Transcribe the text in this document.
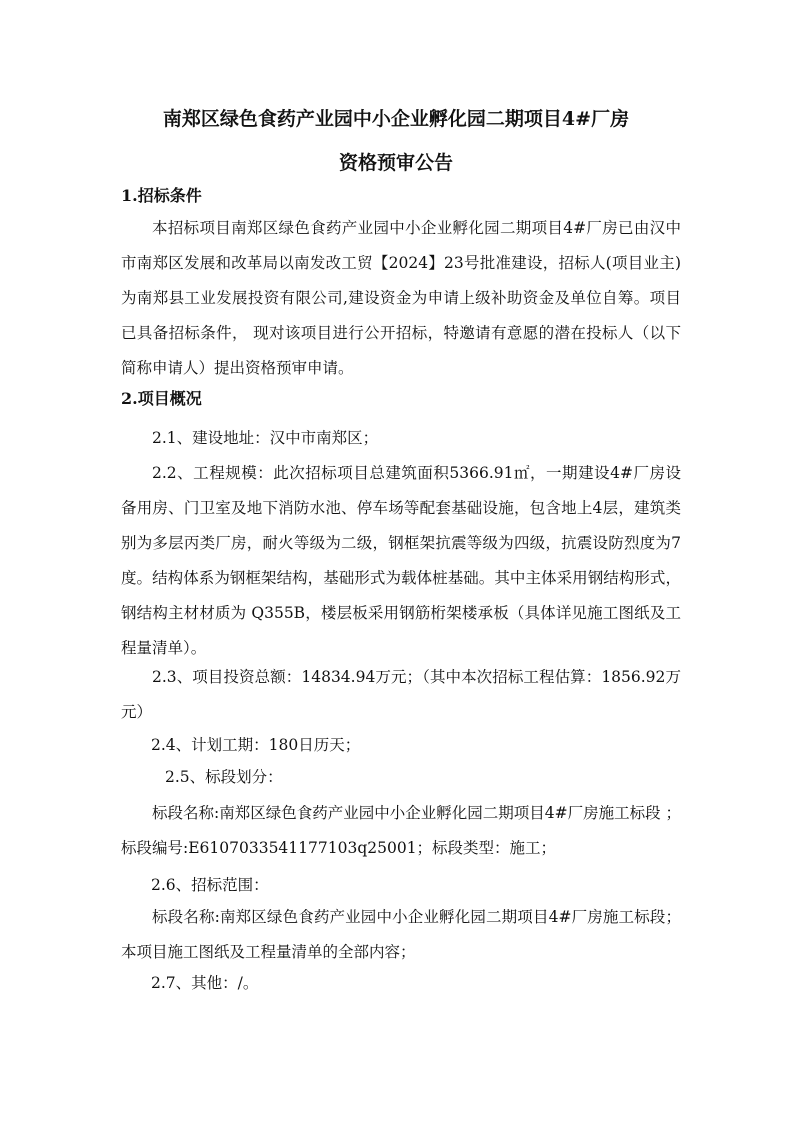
南郑区绿色食药产业园中小企业孵化园二期项目4#厂房
资格预审公告
1.招标条件
本招标项目南郑区绿色食药产业园中小企业孵化园二期项目4#厂房已由汉中市南郑区发展和改革局以南发改工贸【2024】23号批准建设，招标人(项目业主)为南郑县工业发展投资有限公司,建设资金为申请上级补助资金及单位自筹。项目已具备招标条件， 现对该项目进行公开招标，特邀请有意愿的潜在投标人（以下简称申请人）提出资格预审申请。
2.项目概况
2.1、建设地址：汉中市南郑区；
2.2、工程规模：此次招标项目总建筑面积5366.91㎡，一期建设4#厂房设备用房、门卫室及地下消防水池、停车场等配套基础设施，包含地上4层，建筑类别为多层丙类厂房，耐火等级为二级，钢框架抗震等级为四级，抗震设防烈度为7度。结构体系为钢框架结构，基础形式为载体桩基础。其中主体采用钢结构形式，钢结构主材材质为 Q355B，楼层板采用钢筋桁架楼承板（具体详见施工图纸及工程量清单）。
2.3、项目投资总额：14834.94万元；（其中本次招标工程估算：1856.92万元）
2.4、计划工期：180日历天；
2.5、标段划分：
标段名称:南郑区绿色食药产业园中小企业孵化园二期项目4#厂房施工标段 ；标段编号:E6107033541177103q25001；标段类型：施工；
2.6、招标范围：
标段名称:南郑区绿色食药产业园中小企业孵化园二期项目4#厂房施工标段；本项目施工图纸及工程量清单的全部内容；
2.7、其他：/。
